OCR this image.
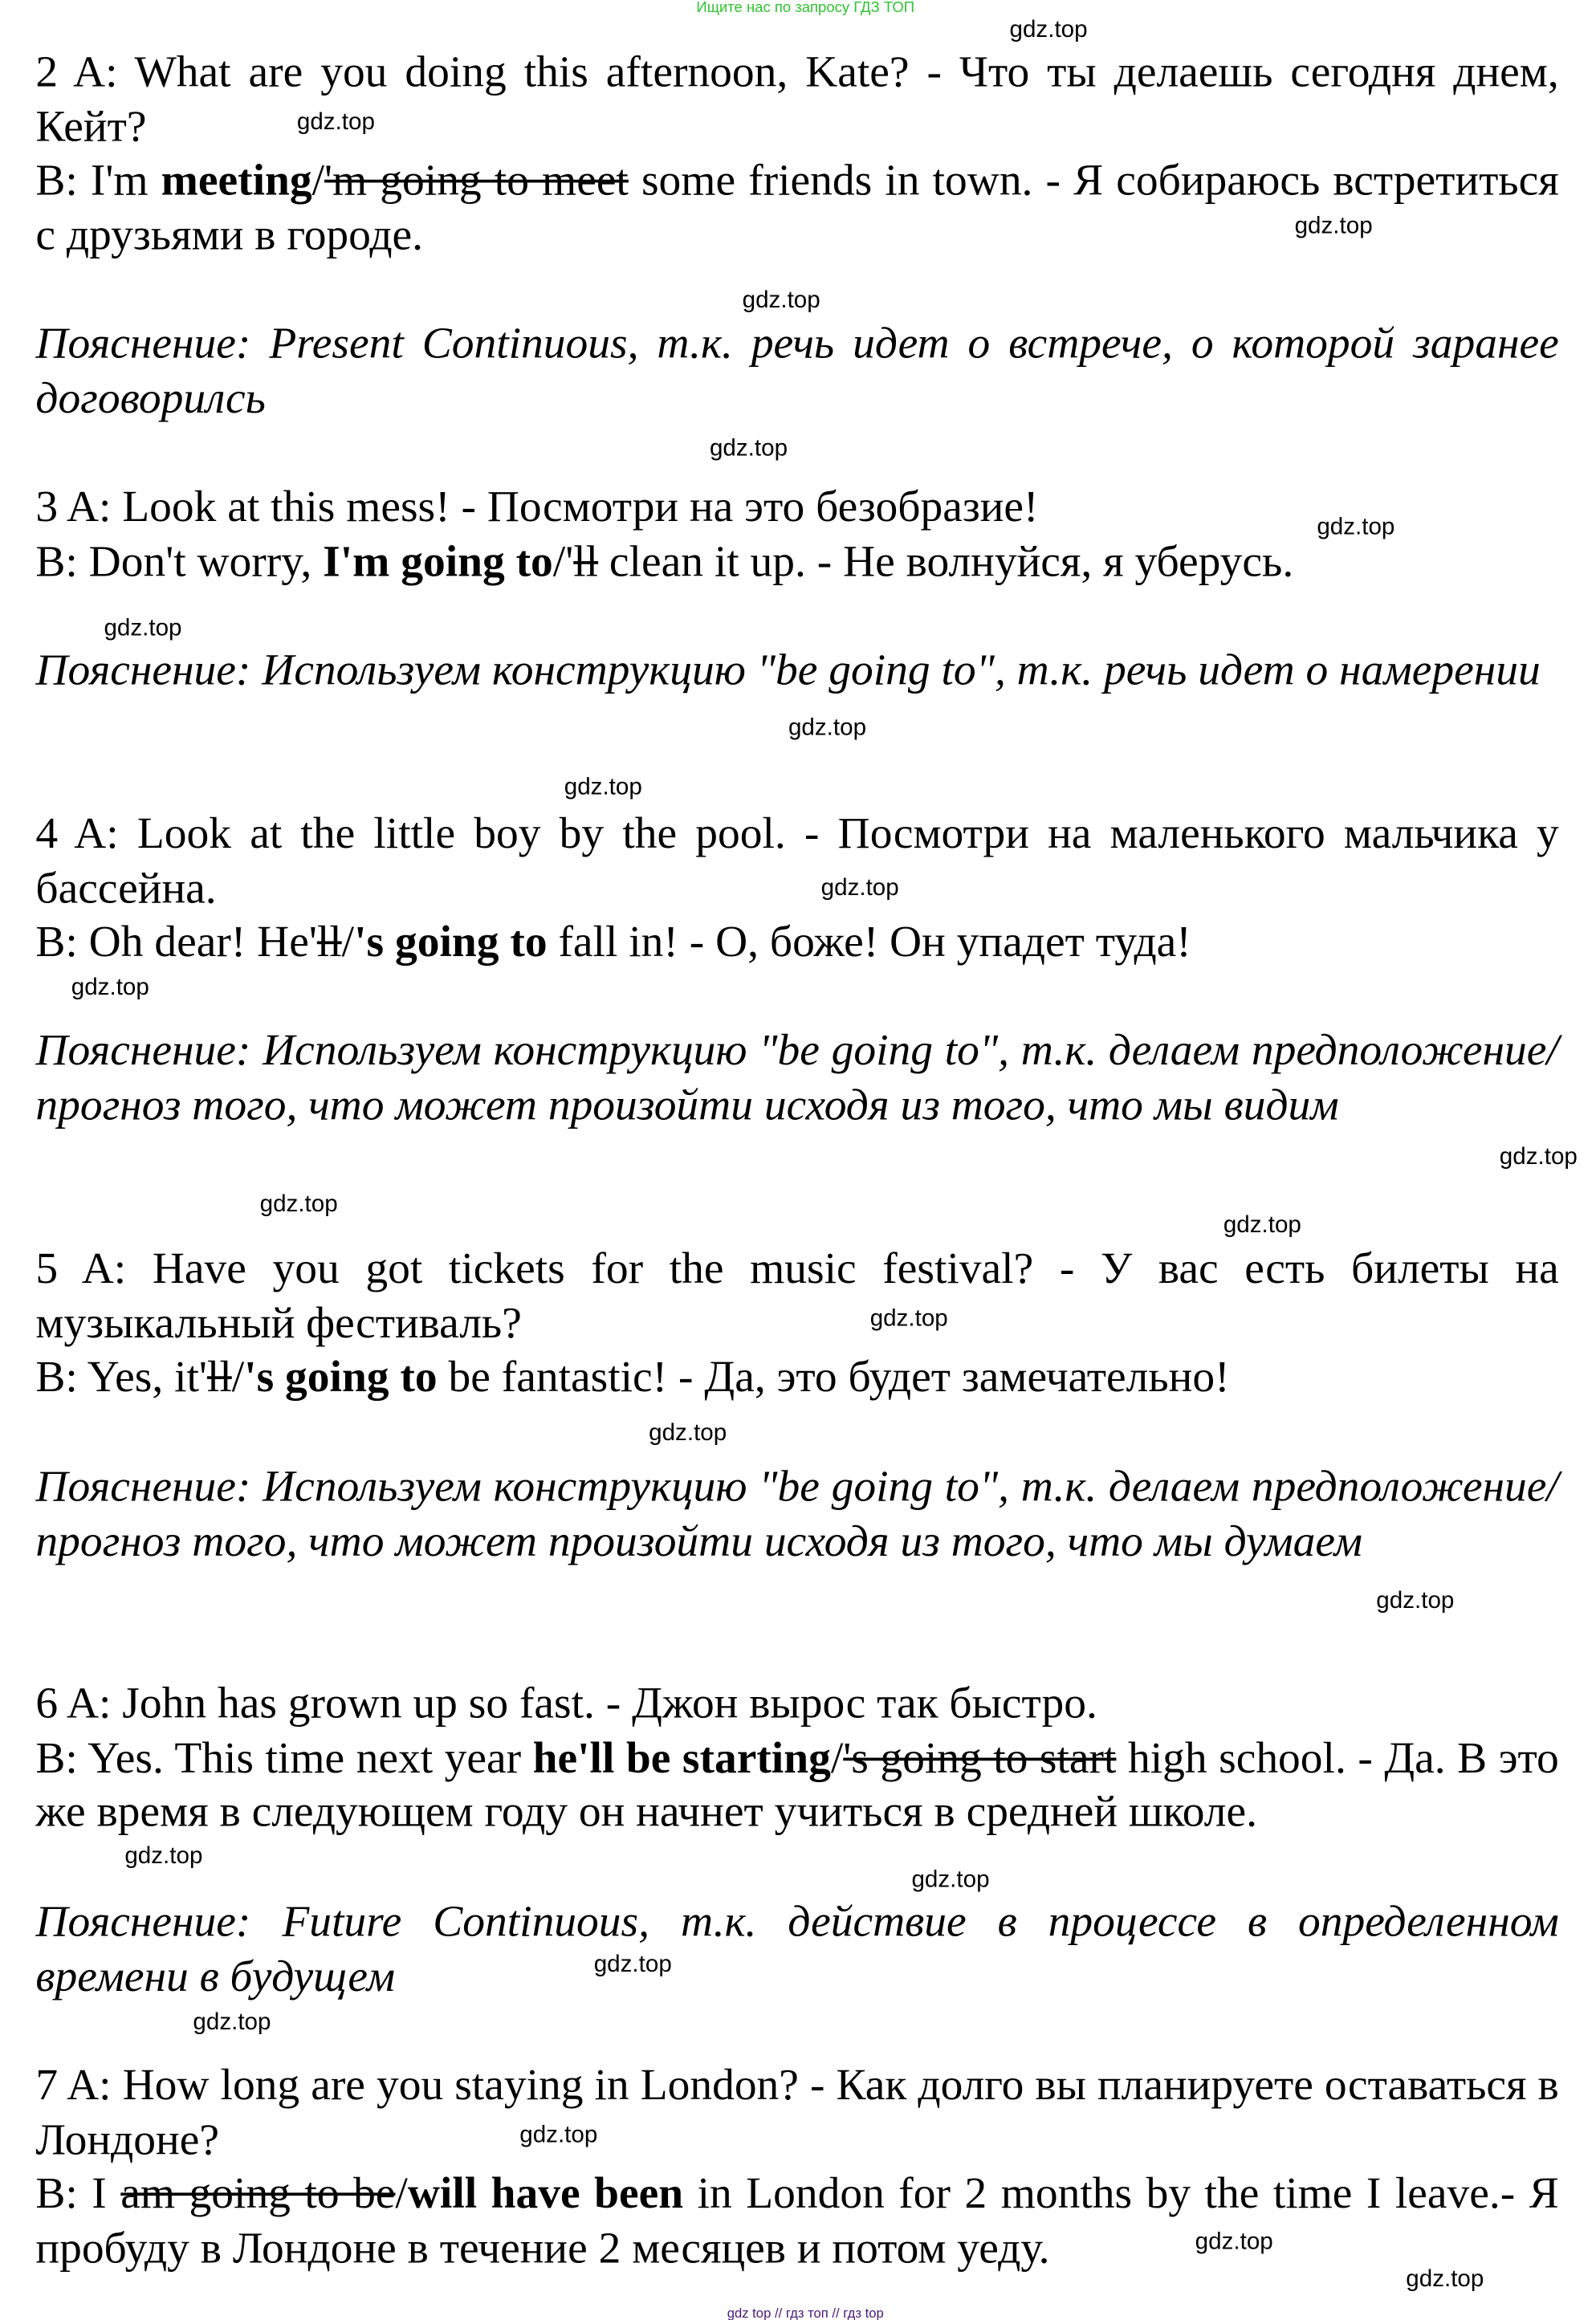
Ищите нас по запросу ГДЗ ТОП
2 A: What are you doing this afternoon, Kate? - Что ты делаешь сегодня днем, Кейт?
B: I'm meeting/'m going to meet some friends in town. - Я собираюсь встретиться с друзьями в городе.
Пояснение: Present Continuous, т.к. речь идет о встрече, о которой заранее договорилсь
3 A: Look at this mess! - Посмотри на это безобразие!
B: Don't worry, I'm going to/'ll clean it up. - Не волнуйся, я уберусь.
Пояснение: Используем конструкцию "be going to", т.к. речь идет о намерении
4 A: Look at the little boy by the pool. - Посмотри на маленького мальчика у бассейна.
B: Oh dear! He'll/'s going to fall in! - О, боже! Он упадет туда!
Пояснение: Используем конструкцию "be going to", т.к. делаем предположение/прогноз того, что может произойти исходя из того, что мы видим
5 A: Have you got tickets for the music festival? - У вас есть билеты на музыкальный фестиваль?
B: Yes, it'll/'s going to be fantastic! - Да, это будет замечательно!
Пояснение: Используем конструкцию "be going to", т.к. делаем предположение/прогноз того, что может произойти исходя из того, что мы думаем
6 A: John has grown up so fast. - Джон вырос так быстро.
B: Yes. This time next year he'll be starting/'s going to start high school. - Да. В это же время в следующем году он начнет учиться в средней школе.
Пояснение: Future Continuous, т.к. действие в процессе в определенном времени в будущем
7 A: How long are you staying in London? - Как долго вы планируете оставаться в Лондоне?
B: I am going to be/will have been in London for 2 months by the time I leave.- Я пробуду в Лондоне в течение 2 месяцев и потом уеду.
gdz.top
gdz.top
gdz.top
gdz.top
gdz.top
gdz.top
gdz.top
gdz.top
gdz.top
gdz.top
gdz.top
gdz.top
gdz.top
gdz.top
gdz.top
gdz.top
gdz.top
gdz.top
gdz.top
gdz.top
gdz.top
gdz.top
gdz.top
gdz.top
gdz top // гдз топ // гдз top
